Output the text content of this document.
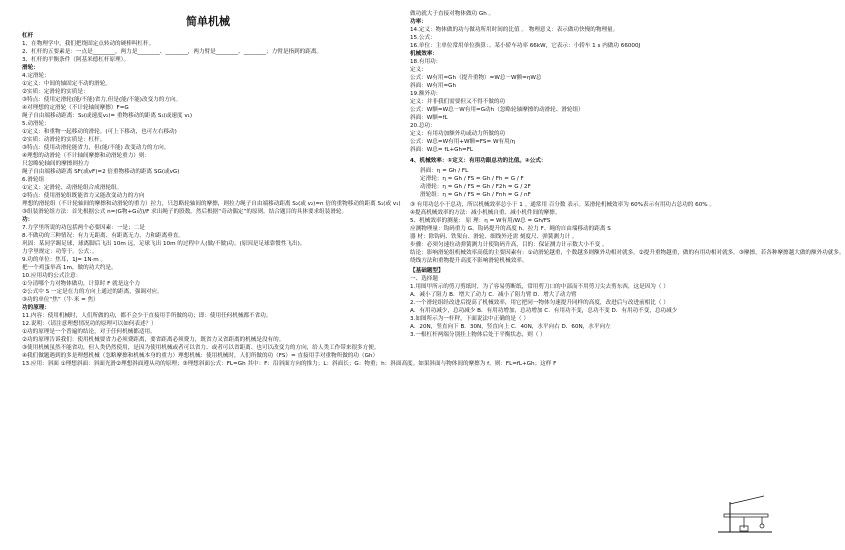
简单机械
杠杆
1、在物理学中，我们把绕固定点转动的硬棒叫杠杆。
2、杠杆的五要素是：一点是________，两力是________、________，两力臂是________、________；力臂是指到的距离。
3、杠杆的平衡条件（阿基米德杠杆原理）。
滑轮：
4.定滑轮：
①定义：中间的轴固定不动的滑轮。
②实质：定滑轮的实质是：
③特点：使用定滑轮(能/不能)省力,但是(能/不能)改变力的方向。
④对理想的定滑轮（不计轮轴间摩擦）F=G
绳子自由端移动距离：S₂(或速度v₂)= 重物移动的距离 S₁(或速度 v₁)
5.动滑轮：
①定义：和重物一起移动的滑轮。(可上下移动，也可左右移动)
②实质：动滑轮的实质是：杠杆。
③特点：使用动滑轮能省力，但(能/不能) 改变动力的方向。
④理想的动滑轮（不计轴间摩擦和动滑轮重力）则：
只忽略轮轴间的摩擦则拉力
绳子自由端移动距离 SF(或vF)=2 倍重物移动的距离 SG(或vG)
6.滑轮组
①定义：定滑轮、动滑轮组合成滑轮组。
②特点：使用滑轮组既能省力又能改变动力的方向
理想的滑轮组（不计轮轴间的摩擦和动滑轮的重力）拉力，只忽略轮轴间的摩擦，则拉力绳子自由端移动距离 S₂(或 v₂)=n 倍的重物移动的距离 S₁(或 v₁)
③组装滑轮组方法：首先根据公式 n=(G物+G动)/F 求出绳子的股数。然后根据“奇动偶定”的原则。结合题目的具体要求组装滑轮。
功：
7.力学里所说的功包括两个必要因素：一是；二是
8.不做功的三种情况：有力无距离、有距离无力、力和距离垂直。
巩固：某同学踢足球，球离脚后飞出 10m 远，足球飞出 10m 的过程中人(做/不做)功。(原因是足球靠惯性飞出)。
力学里规定：功等于。公式：。
9.功的单位：焦耳，1J= 1N·m 。
把一个鸡蛋举高 1m，做的功大约是。
10.应用功的公式注意：
①分清哪个力对物体做功，计算时 F 就是这个力
②公式中 S 一定是在力的方向上通过的距离，强调对应。
③功的单位“焦”（牛·米 = 焦）
功的原理：
11.内容：使用机械时，人们所做的功，都不会少于直接用手所做的功；即：使用任何机械都不省功。
12.说明：（请注意理想情况功的原理可以如何表述？）
①功的原理是一个普遍的结论，对于任何机械都适用。
②功的原理告诉我们：使用机械要省力必须费距离，要省距离必须费力，既省力又省距离的机械是没有的。
③使用机械虽然不能省功，但人类仍然使用，是因为使用机械或者可以省力、或者可以省距离、也可以改变力的方向，给人类工作带来很多方便。
④我们做题遇到的多是理想机械（忽略摩擦和机械本身的重力）理想机械：使用机械时，人们所做的功（FS）= 直接用手对重物所做的功（Gh）
13.应用：斜面 ①理想斜面：斜面光滑②理想斜面遵从功的原理；③理想斜面公式：FL=Gh 其中：F：沿斜面方向的推力；L：斜面长；G：物重；h：斜面高度。如果斜面与物体间的摩擦为 f，则：FL=fL+Gh；这样 F
做功就大于直接对物体做功 Gh 。
功率：
14.定义：物体做的功与做功所用时间的比值 。 物理意义：表示做功快慢的物理量。
15.公式：
16.单位：主单位常用单位换算：。某小轿车功率 66kW，它表示：小轿车 1 s 内做功 66000J
机械效率：
18.有用功：
定义：
公式：W有用=Gh（提升重物）=W总－W额=ηW总
斜面：W有用=Gh
19.额外功：
定义：并非我们需要但又不得不做的功
公式：W额=W总－W有用=G动h（忽略轮轴摩擦的动滑轮、滑轮组）
斜面：W额=fL
20.总功：
定义：有用功加额外功或动力所做的功
公式：W总=W有用+W额=FS= W有用/η
斜面：W总= fL+Gh=FL
4、机械效率：①定义：有用功跟总功的比值。②公式：
斜面：η = Gh / FL
定滑轮：η = Gh / FS = Gh / Fh = G / F
动滑轮：η = Gh / FS = Gh / F2h = G / 2F
滑轮组：η = Gh / FS = Gh / Fnh = G / nF
③ 有用功总小于总功，所以机械效率总小于 1 。通常用 百分数 表示。某滑轮机械效率为 60%表示有用功占总功的 60% 。
④提高机械效率的方法：减小机械自重、减小机件间的摩擦。
5、机械效率的测量： 原 理：η = W有用/W总 = Gh/FS
应测物理量：钩码重力 G、钩码提升的高度 h、拉力 F、绳的自由端移动的距离 S
器 材：除钩码、铁架台、滑轮、细线外还需 刻度尺、弹簧测力计 。
步骤：必须匀速拉动弹簧测力计使钩码升高，目的：保证测力计示数大小不变 。
结论：影响滑轮组机械效率高低的主要因素有：①动滑轮越重，个数越多则额外功相对就多。②提升重物越重，做的有用功相对就多。③摩擦，若各种摩擦越大做的额外功就多。
绕线方法和重物提升高度不影响滑轮机械效率。
【基础题型】
一、选择题
1.用图甲所示的剪刀剪纸时，为了容易剪断纸，常用剪刀口的中部而不用剪刀尖去剪东西，这是因为（ ）
A．减小了阻力 B．增大了动力 C．减小了阻力臂 D．增大了动力臂
2.一个滑轮组经改进后提高了机械效率，用它把同一物体匀速提升同样的高度，改进后与改进前相比（ ）
A．有用功减少，总功减少 B．有用功增加，总功增加 C．有用功不变，总功不变 D．有用功不变，总功减少
3.如图所示为一杆秤，下面说法中正确的是（ ）
A．20N，竖直向下 B．30N，竖直向上 C．40N，水平向右 D．60N，水平向左
3.一根杠杆两端分别挂上物体后处于平衡状态，则（ ）
